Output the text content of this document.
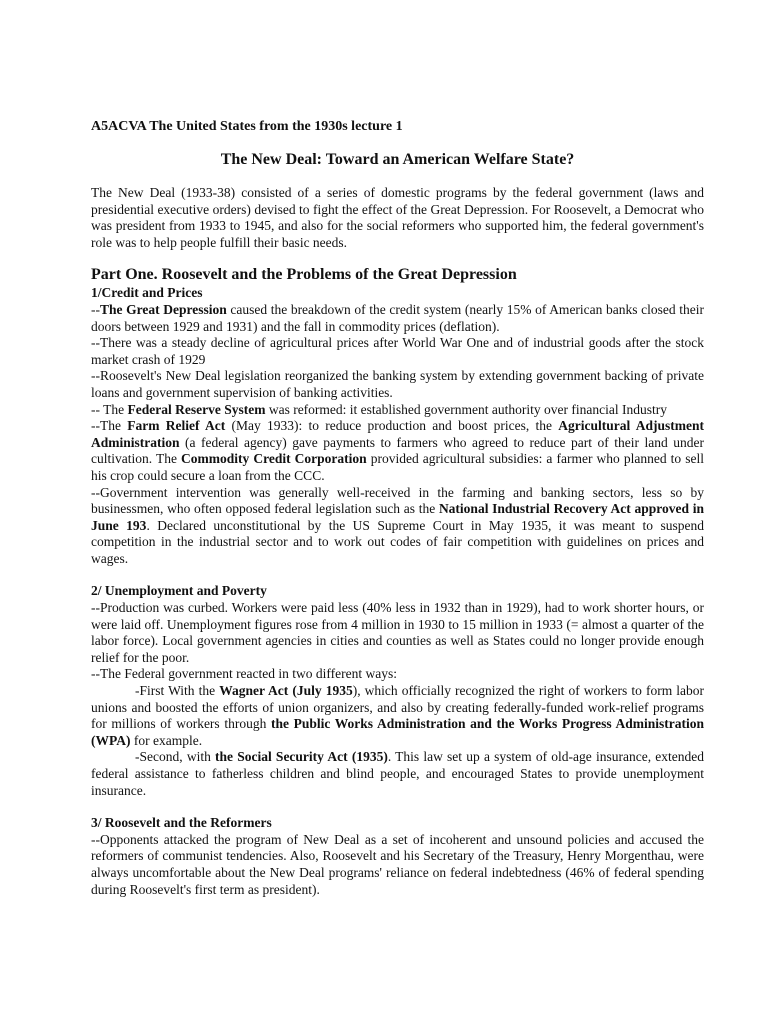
A5ACVA The United States from the 1930s lecture 1
The New Deal: Toward an American Welfare State?

The New Deal (1933-38) consisted of a series of domestic programs by the federal government (laws and presidential executive orders) devised to fight the effect of the Great Depression. For Roosevelt, a Democrat who was president from 1933 to 1945, and also for the social reformers who supported him, the federal government's role was to help people fulfill their basic needs.

Part One. Roosevelt and the Problems of the Great Depression
1/Credit and Prices

--The Great Depression caused the breakdown of the credit system (nearly 15% of American banks closed their doors between 1929 and 1931) and the fall in commodity prices (deflation).

--There was a steady decline of agricultural prices after World War One and of industrial goods after the stock market crash of 1929

--Roosevelt's New Deal legislation reorganized the banking system by extending government backing of private loans and government supervision of banking activities.

-- The Federal Reserve System was reformed: it established government authority over financial Industry

--The Farm Relief Act (May 1933): to reduce production and boost prices, the Agricultural Adjustment Administration (a federal agency) gave payments to farmers who agreed to reduce part of their land under cultivation. The Commodity Credit Corporation provided agricultural subsidies: a farmer who planned to sell his crop could secure a loan from the CCC.

--Government intervention was generally well-received in the farming and banking sectors, less so by businessmen, who often opposed federal legislation such as the National Industrial Recovery Act approved in June 193. Declared unconstitutional by the US Supreme Court in May 1935, it was meant to suspend competition in the industrial sector and to work out codes of fair competition with guidelines on prices and wages.

2/ Unemployment and Poverty

--Production was curbed. Workers were paid less (40% less in 1932 than in 1929), had to work shorter hours, or were laid off. Unemployment figures rose from 4 million in 1930 to 15 million in 1933 (= almost a quarter of the labor force). Local government agencies in cities and counties as well as States could no longer provide enough relief for the poor.

--The Federal government reacted in two different ways:

-First With the Wagner Act (July 1935), which officially recognized the right of workers to form labor unions and boosted the efforts of union organizers, and also by creating federally-funded work-relief programs for millions of workers through the Public Works Administration and the Works Progress Administration (WPA) for example.

-Second, with the Social Security Act (1935). This law set up a system of old-age insurance, extended federal assistance to fatherless children and blind people, and encouraged States to provide unemployment insurance.

3/ Roosevelt and the Reformers

--Opponents attacked the program of New Deal as a set of incoherent and unsound policies and accused the reformers of communist tendencies. Also, Roosevelt and his Secretary of the Treasury, Henry Morgenthau, were always uncomfortable about the New Deal programs' reliance on federal indebtedness (46% of federal spending during Roosevelt's first term as president).
